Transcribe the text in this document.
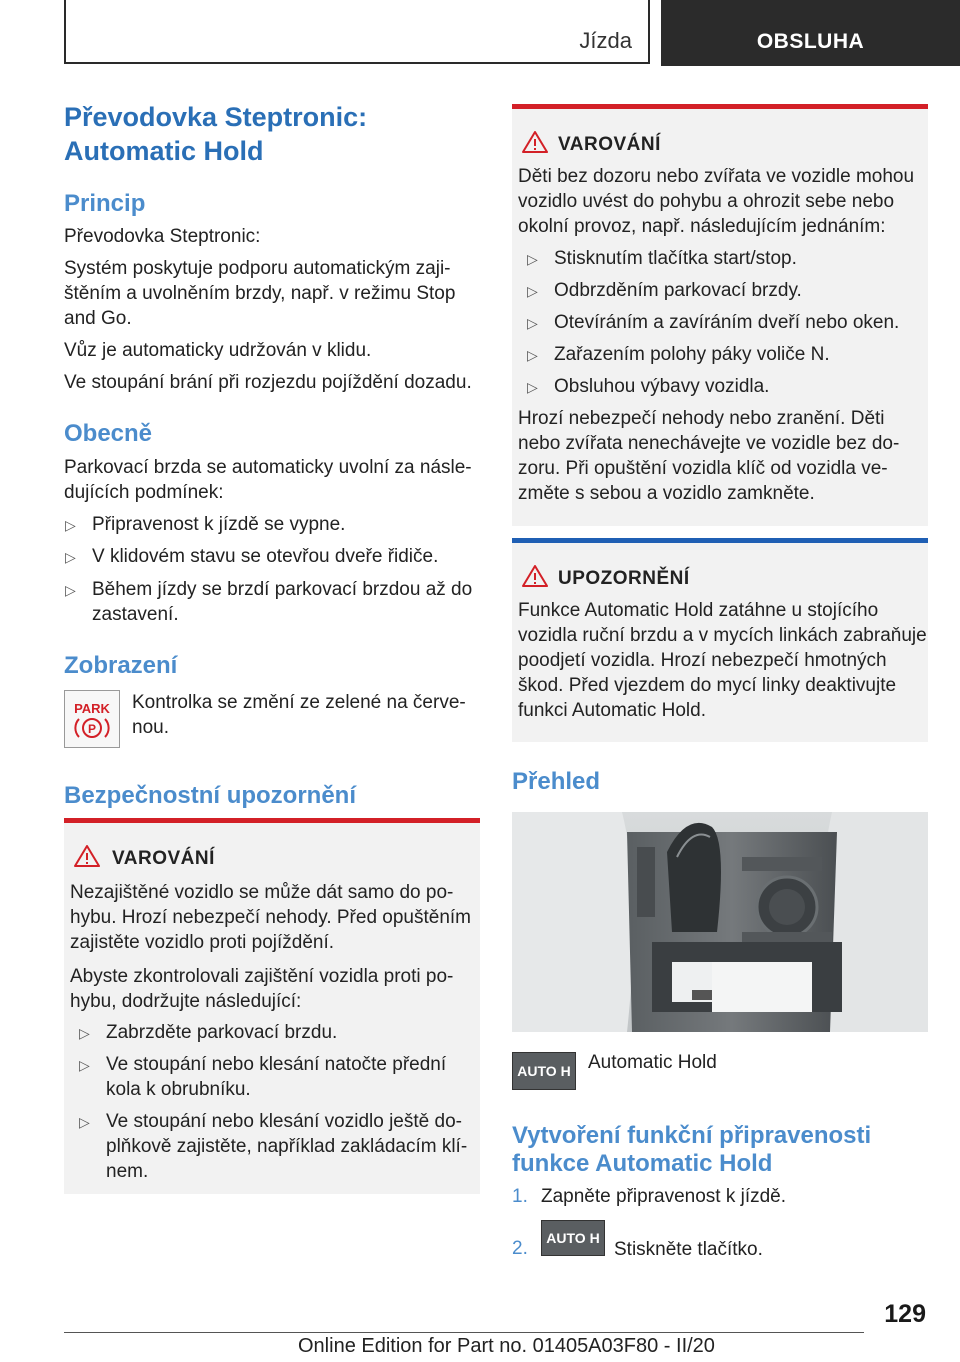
Jízda	OBSLUHA
Převodovka Steptronic: Automatic Hold
Princip
Převodovka Steptronic:
Systém poskytuje podporu automatickým zaji-
štěním a uvolněním brzdy, např. v režimu Stop
and Go.
Vůz je automaticky udržován v klidu.
Ve stoupání brání při rozjezdu pojíždění dozadu.
Obecně
Parkovací brzda se automaticky uvolní za násle-
dujících podmínek:
▷ Připravenost k jízdě se vypne.
▷ V klidovém stavu se otevřou dveře řidiče.
▷ Během jízdy se brzdí parkovací brzdou až do
zastavení.
Zobrazení
PARK
P
Kontrolka se změní ze zelené na červe-
nou.
Bezpečnostní upozornění
VAROVÁNÍ
Nezajištěné vozidlo se může dát samo do po-
hybu. Hrozí nebezpečí nehody. Před opuštěním
zajistěte vozidlo proti pojíždění.
Abyste zkontrolovali zajištění vozidla proti po-
hybu, dodržujte následující:
▷ Zabrzděte parkovací brzdu.
▷ Ve stoupání nebo klesání natočte přední
kola k obrubníku.
▷ Ve stoupání nebo klesání vozidlo ještě do-
plňkově zajistěte, například zakládacím klí-
nem.
VAROVÁNÍ
Děti bez dozoru nebo zvířata ve vozidle mohou
vozidlo uvést do pohybu a ohrozit sebe nebo
okolní provoz, např. následujícím jednáním:
▷ Stisknutím tlačítka start/stop.
▷ Odbrzděním parkovací brzdy.
▷ Otevíráním a zavíráním dveří nebo oken.
▷ Zařazením polohy páky voliče N.
▷ Obsluhou výbavy vozidla.
Hrozí nebezpečí nehody nebo zranění. Děti
nebo zvířata nenechávejte ve vozidle bez do-
zoru. Při opuštění vozidla klíč od vozidla ve-
změte s sebou a vozidlo zamkněte.
UPOZORNĚNÍ
Funkce Automatic Hold zatáhne u stojícího
vozidla ruční brzdu a v mycích linkách zabraňuje
poodjetí vozidla. Hrozí nebezpečí hmotných
škod. Před vjezdem do mycí linky deaktivujte
funkci Automatic Hold.
Přehled
AUTO H Automatic Hold
Vytvoření funkční připravenosti
funkce Automatic Hold
1. Zapněte připravenost k jízdě.
2.	AUTO H
Stiskněte tlačítko.
129
Online Edition for Part no. 01405A03F80 - II/20
